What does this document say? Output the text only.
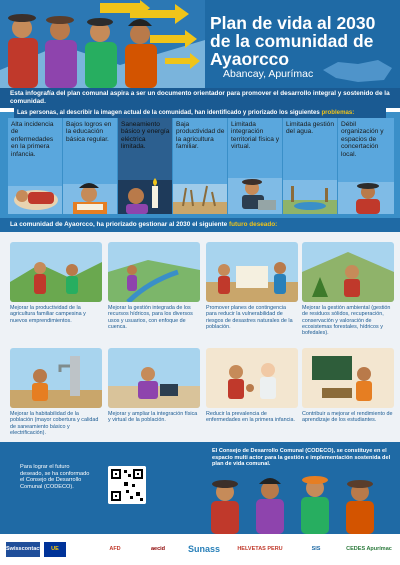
Plan de vida al 2030 de la comunidad de Ayaorcco
Abancay, Apurímac
Esta infografía del plan comunal aspira a ser un documento orientador para promover el desarrollo integral y sostenido de la comunidad.
Las personas, al describir la imagen actual de la comunidad, han identificado y priorizado los siguientes problemas:
Alta incidencia de enfermedades en la primera infancia.
Bajos logros en la educación básica regular.
Saneamiento básico y energía eléctrica limitada.
Baja productividad de la agricultura familiar.
Limitada integración territorial física y virtual.
Limitada gestión del agua.
Débil organización y espacios de concertación local.
La comunidad de Ayaorcco, ha priorizado gestionar al 2030 el siguiente futuro deseado:
Mejorar la productividad de la agricultura familiar campesina y nuevos emprendimientos.
Mejorar la gestión integrada de los recursos hídricos, para los diversos usos y usuarios, con enfoque de cuenca.
Promover planes de contingencia para reducir la vulnerabilidad de riesgos de desastres naturales de la población.
Mejorar la gestión ambiental (gestión de residuos sólidos, recuperación, conservación y valoración de ecosistemas forestales, hídricos y bofedales).
Mejorar la habitabilidad de la población (mayor cobertura y calidad de saneamiento básico y electrificación).
Mejorar y ampliar la integración física y virtual de la población.
Reducir la prevalencia de enfermedades en la primera infancia.
Contribuir a mejorar el rendimiento de aprendizaje de los estudiantes.
Para lograr el futuro deseado, se ha conformado el Consejo de Desarrollo Comunal (CODECO).
El Consejo de Desarrollo Comunal (CODECO), se constituye en el espacio multi actor para la gestión e implementación sostenida del plan de vida comunal.
Swisscontact	UE	AFD	aecid	Sunass	HELVETAS PERU	SIS	CEDES Apurímac
